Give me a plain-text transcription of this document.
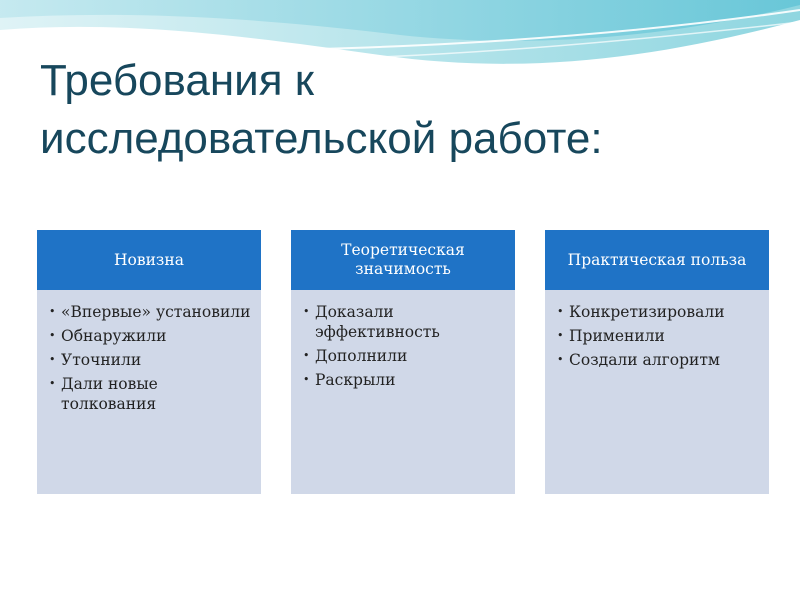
Требования к
исследовательской работе:
Новизна
• «Впервые» установили
• Обнаружили
• Уточнили
• Дали новые толкования
Теоретическая значимость
• Доказали эффективность
• Дополнили
• Раскрыли
Практическая польза
• Конкретизировали
• Применили
• Создали алгоритм
